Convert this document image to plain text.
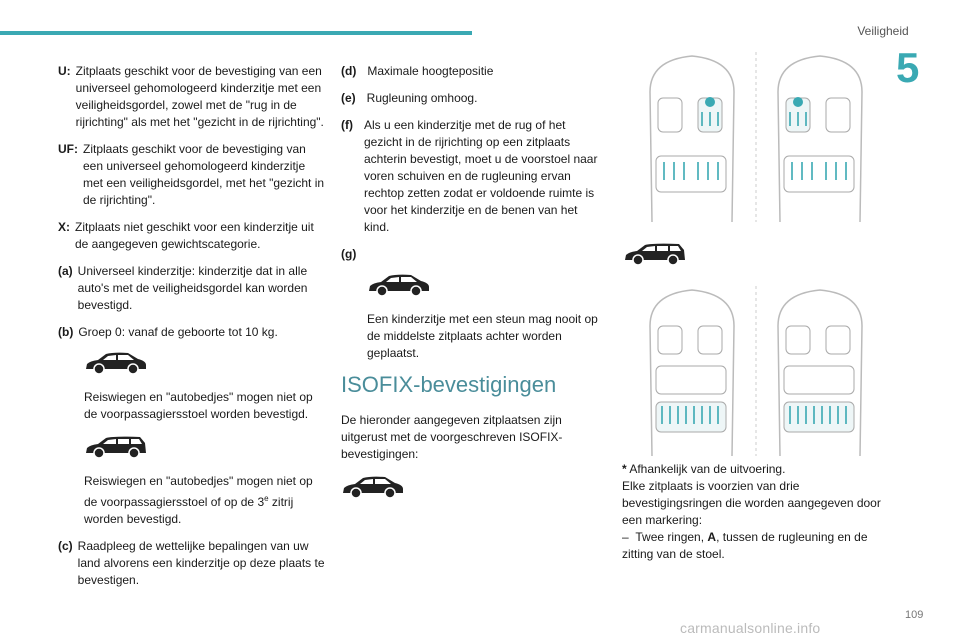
Veiligheid
5
U: Zitplaats geschikt voor de bevestiging van een universeel gehomologeerd kinderzitje met een veiligheidsgordel, zowel met de "rug in de rijrichting" als met het "gezicht in de rijrichting".
UF: Zitplaats geschikt voor de bevestiging van een universeel gehomologeerd kinderzitje met een veiligheidsgordel, met het "gezicht in de rijrichting".
X: Zitplaats niet geschikt voor een kinderzitje uit de aangegeven gewichtscategorie.
(a) Universeel kinderzitje: kinderzitje dat in alle auto's met de veiligheidsgordel kan worden bevestigd.
(b) Groep 0: vanaf de geboorte tot 10 kg.

Reiswiegen en "autobedjes" mogen niet op de voorpassagiersstoel worden bevestigd.

Reiswiegen en "autobedjes" mogen niet op de voorpassagiersstoel of op de 3e zitrij worden bevestigd.

(c) Raadpleeg de wettelijke bepalingen van uw land alvorens een kinderzitje op deze plaats te bevestigen.
(d) Maximale hoogtepositie
(e) Rugleuning omhoog.
(f) Als u een kinderzitje met de rug of het gezicht in de rijrichting op een zitplaats achterin bevestigt, moet u de voorstoel naar voren schuiven en de rugleuning ervan rechtop zetten zodat er voldoende ruimte is voor het kinderzitje en de benen van het kind.
(g)

Een kinderzitje met een steun mag nooit op de middelste zitplaats achter worden geplaatst.

ISOFIX-bevestigingen

De hieronder aangegeven zitplaatsen zijn uitgerust met de voorgeschreven ISOFIX-bevestigingen:

* Afhankelijk van de uitvoering.

Elke zitplaats is voorzien van drie bevestigingsringen die worden aangegeven door een markering:

– Twee ringen, A, tussen de rugleuning en de zitting van de stoel.

109
carmanualsonline.info
